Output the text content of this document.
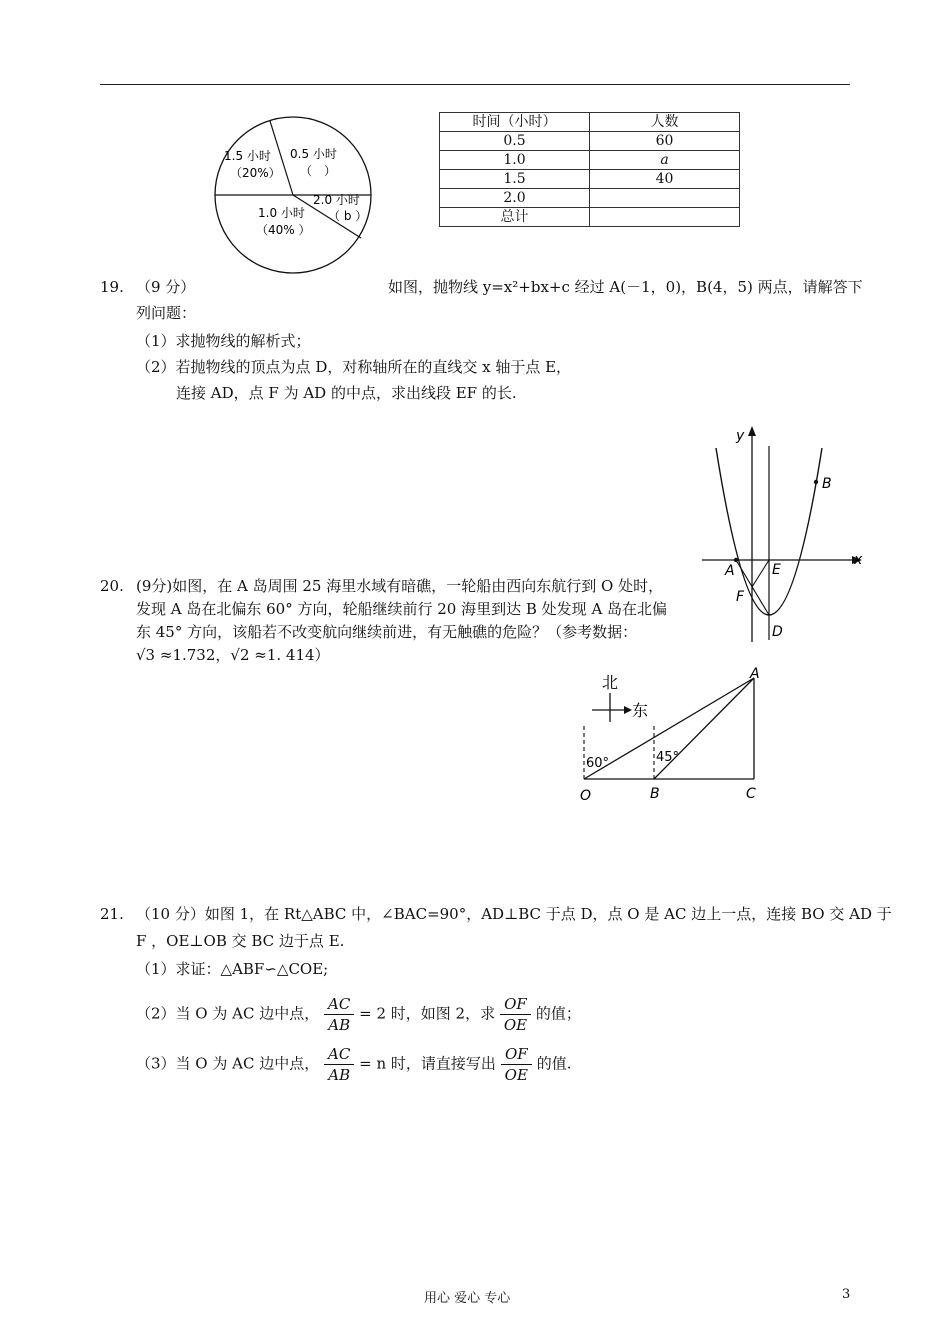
1.5 小时
（20%）
0.5 小时
（　）
2.0 小时
（ b ）
1.0 小时
（40% ）
时间（小时）	人数
0.5	60
1.0	a
1.5	40
2.0	
总计	
19. （9 分）	如图，抛物线 y=x²+bx+c 经过 A(－1，0)，B(4，5) 两点，请解答下
列问题：
（1）求抛物线的解析式；
（2）若抛物线的顶点为点 D，对称轴所在的直线交 x 轴于点 E，
连接 AD，点 F 为 AD 的中点，求出线段 EF 的长.
y
x
A	E
F
B
D
20. (9分)如图，在 A 岛周围 25 海里水域有暗礁，一轮船由西向东航行到 O 处时，
发现 A 岛在北偏东 60° 方向，轮船继续前行 20 海里到达 B 处发现 A 岛在北偏
东 45° 方向，该船若不改变航向继续前进，有无触礁的危险？（参考数据：
√3 ≈1.732，√2 ≈1. 414）
北
东
60°	45°
A
O	B	C
21. （10 分）如图 1，在 Rt△ABC 中，∠BAC=90°，AD⊥BC 于点 D，点 O 是 AC 边上一点，连接 BO 交 AD 于
F ，OE⊥OB 交 BC 边于点 E.
（1）求证：△ABF∽△COE;
（2）当 O 为 AC 边中点， $\frac{AC}{AB} = 2$ 时，如图 2，求 $\frac{OF}{OE}$ 的值；
（3）当 O 为 AC 边中点， $\frac{AC}{AB} = n$ 时，请直接写出 $\frac{OF}{OE}$ 的值.
用心 爱心 专心	3
